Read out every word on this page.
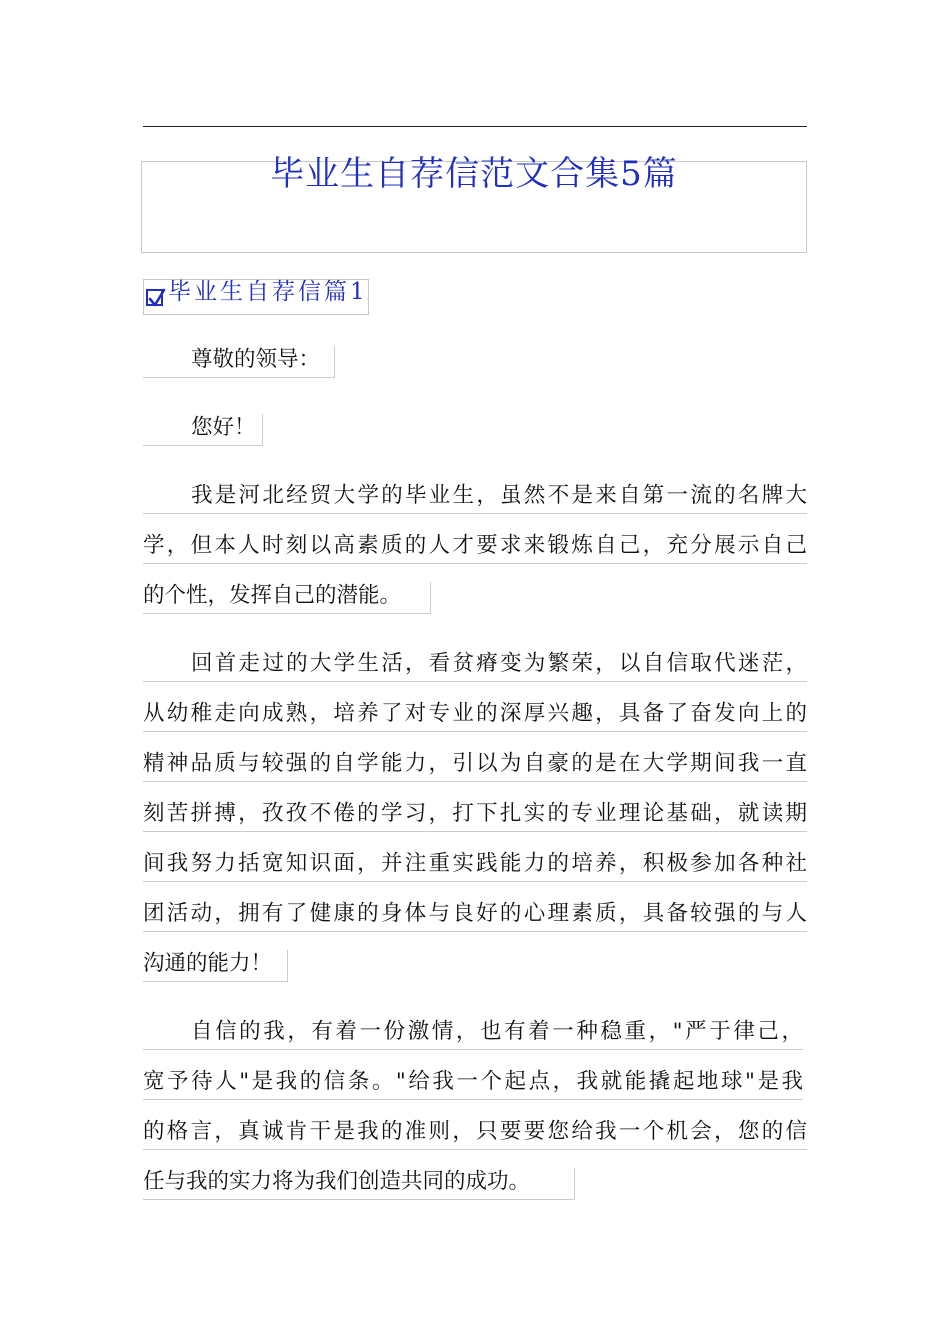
毕业生自荐信范文合集5篇
毕业生自荐信篇1
尊敬的领导：
您好！
我是河北经贸大学的毕业生，虽然不是来自第一流的名牌大
学，但本人时刻以高素质的人才要求来锻炼自己，充分展示自己
的个性，发挥自己的潜能。
回首走过的大学生活，看贫瘠变为繁荣，以自信取代迷茫，
从幼稚走向成熟，培养了对专业的深厚兴趣，具备了奋发向上的
精神品质与较强的自学能力，引以为自豪的是在大学期间我一直
刻苦拼搏，孜孜不倦的学习，打下扎实的专业理论基础，就读期
间我努力括宽知识面，并注重实践能力的培养，积极参加各种社
团活动，拥有了健康的身体与良好的心理素质，具备较强的与人
沟通的能力！
自信的我，有着一份激情，也有着一种稳重，"严于律己，
宽予待人"是我的信条。"给我一个起点，我就能撬起地球"是我
的格言，真诚肯干是我的准则，只要要您给我一个机会，您的信
任与我的实力将为我们创造共同的成功。
